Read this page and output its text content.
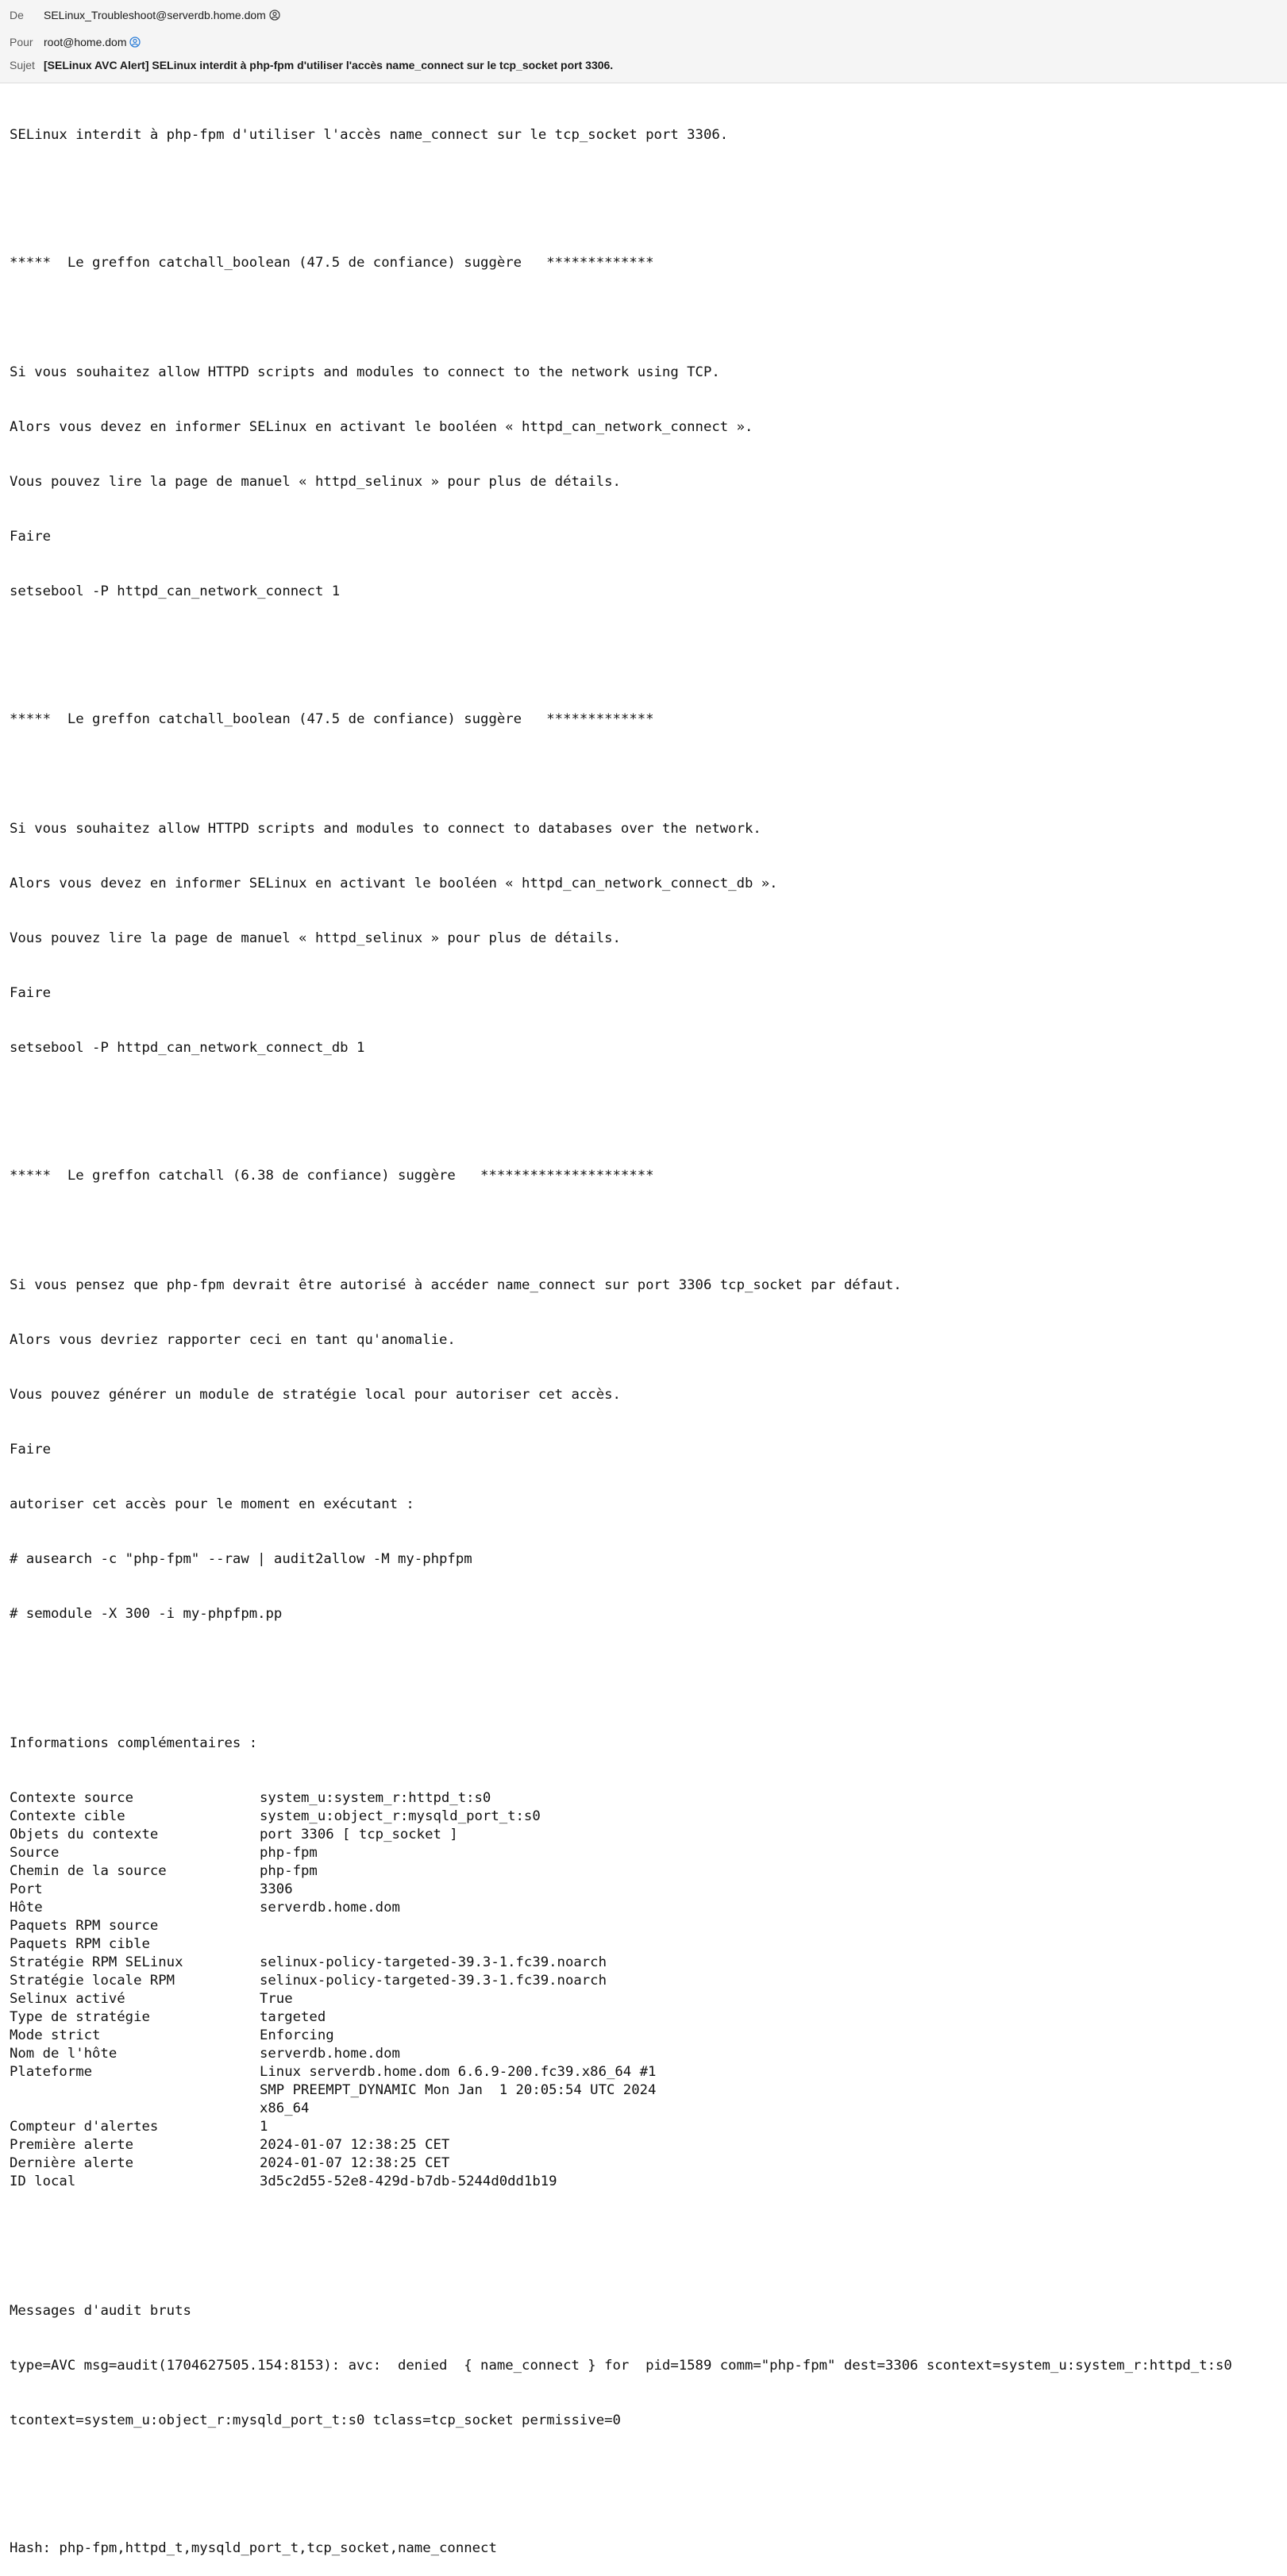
De	SELinux_Troubleshoot@serverdb.home.dom
Pour root@home.dom
Sujet [SELinux AVC Alert] SELinux interdit à php-fpm d'utiliser l'accès name_connect sur le tcp_socket port 3306.

SELinux interdit à php-fpm d'utiliser l'accès name_connect sur le tcp_socket port 3306.

*****  Le greffon catchall_boolean (47.5 de confiance) suggère   *************

Si vous souhaitez allow HTTPD scripts and modules to connect to the network using TCP.

Alors vous devez en informer SELinux en activant le booléen « httpd_can_network_connect ».

Vous pouvez lire la page de manuel « httpd_selinux » pour plus de détails.

Faire

setsebool -P httpd_can_network_connect 1

*****  Le greffon catchall_boolean (47.5 de confiance) suggère   *************

Si vous souhaitez allow HTTPD scripts and modules to connect to databases over the network.

Alors vous devez en informer SELinux en activant le booléen « httpd_can_network_connect_db ».

Vous pouvez lire la page de manuel « httpd_selinux » pour plus de détails.

Faire

setsebool -P httpd_can_network_connect_db 1

*****  Le greffon catchall (6.38 de confiance) suggère   *********************

Si vous pensez que php-fpm devrait être autorisé à accéder name_connect sur port 3306 tcp_socket par défaut.

Alors vous devriez rapporter ceci en tant qu'anomalie.

Vous pouvez générer un module de stratégie local pour autoriser cet accès.

Faire

autoriser cet accès pour le moment en exécutant :

# ausearch -c "php-fpm" --raw | audit2allow -M my-phpfpm

# semodule -X 300 -i my-phpfpm.pp

Informations complémentaires :

Contexte source	system_u:system_r:httpd_t:s0
Contexte cible	system_u:object_r:mysqld_port_t:s0
Objets du contexte	port 3306 [ tcp_socket ]
Source	php-fpm
Chemin de la source	php-fpm
Port	3306
Hôte	serverdb.home.dom
Paquets RPM source
Paquets RPM cible
Stratégie RPM SELinux	selinux-policy-targeted-39.3-1.fc39.noarch
Stratégie locale RPM	selinux-policy-targeted-39.3-1.fc39.noarch
Selinux activé	True
Type de stratégie	targeted
Mode strict	Enforcing
Nom de l'hôte	serverdb.home.dom
Plateforme	Linux serverdb.home.dom 6.6.9-200.fc39.x86_64 #1
SMP PREEMPT_DYNAMIC Mon Jan  1 20:05:54 UTC 2024
x86_64
Compteur d'alertes	1
Première alerte	2024-01-07 12:38:25 CET
Dernière alerte	2024-01-07 12:38:25 CET
ID local	3d5c2d55-52e8-429d-b7db-5244d0dd1b19

Messages d'audit bruts

type=AVC msg=audit(1704627505.154:8153): avc:  denied  { name_connect } for  pid=1589 comm="php-fpm" dest=3306 scontext=system_u:system_r:httpd_t:s0

tcontext=system_u:object_r:mysqld_port_t:s0 tclass=tcp_socket permissive=0

Hash: php-fpm,httpd_t,mysqld_port_t,tcp_socket,name_connect
